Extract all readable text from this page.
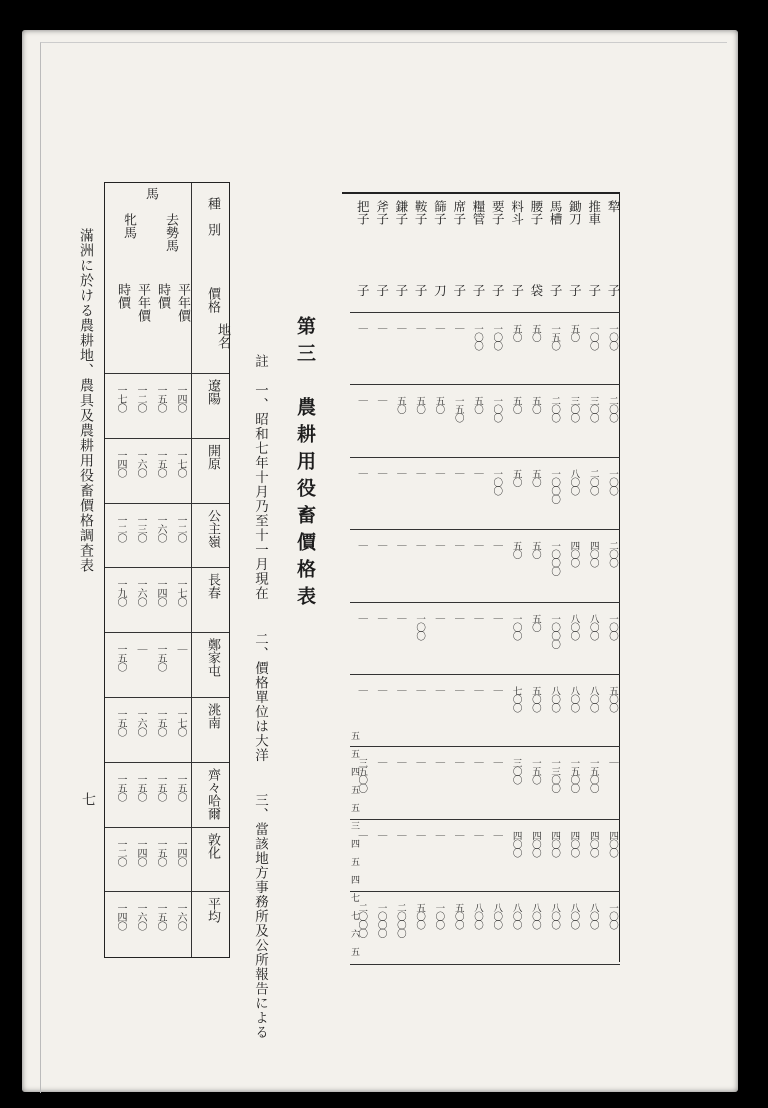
滿洲に於ける農耕地、農具及農耕用役畜價格調査表
七
第三　農耕用役畜價格表
註　一、昭和七年十月乃至十一月現在 二、價格單位は大洋 三、當該地方事務所及公所報告による
種　別
價格
地名
馬
去勢馬
牝馬
平年價
時價
平年價
時價
遼陽
一四〇
一五〇
一二〇
一七〇
開原
一七〇
一五〇
一六〇
一四〇
公主嶺
一二〇
一六〇
一三〇
一二〇
長春
一七〇
一四〇
一六〇
一九〇
鄭家屯
｜
一五〇
｜
一五〇
洮南
一七〇
一五〇
一六〇
一五〇
齊々哈爾
一五〇
一五〇
一五〇
一五〇
敦化
一四〇
一五〇
一四〇
一二〇
平均
一六〇
一五〇
一六〇
一四〇	五　五　四　五　五　三　四　五　四　七　七　六　五
犂
子
推車
子
鋤刀
子
馬槽
子
腰子
袋
料斗
子
要子
子
糧管
子
席子
子
篩子
刀
鞍子
子
鎌子
子
斧子
子
把子
子
一〇〇
一〇〇
五〇
一五〇
五〇
五〇
一〇〇
一〇〇
｜
｜
｜
｜
｜
｜
二〇〇
三〇〇
三〇〇
二〇〇
五〇
五〇
一〇〇
五〇
一五〇
五〇
五〇
五〇
｜
｜
一〇〇
二〇〇
八〇〇
一〇〇〇
五〇
五〇
一〇〇
｜
｜
｜
｜
｜
｜
｜
二〇〇
四〇〇
四〇〇
一〇〇〇
五〇
五〇
｜
｜
｜
｜
｜
｜
｜
｜
一〇〇
八〇〇
八〇〇
一〇〇〇
五〇
一〇〇
｜
｜
｜
｜
一〇〇
｜
｜
｜
五〇〇
八〇〇
八〇〇
八〇〇
五〇〇
七〇〇
｜
｜
｜
｜
｜
｜
｜
｜
｜
一五〇〇
一五〇〇
一三〇〇
一五〇
三〇〇
｜
｜
｜
｜
｜
｜
｜
三五〇〇
四〇〇
四〇〇
四〇〇
四〇〇
四〇〇
四〇〇
｜
｜
｜
｜
｜
｜
｜
｜
一〇〇
八〇〇
八〇〇
八〇〇
八〇〇
八〇〇
八〇〇
八〇〇
五〇〇
一〇〇
五〇〇
二〇〇〇
一〇〇〇
二〇〇〇
